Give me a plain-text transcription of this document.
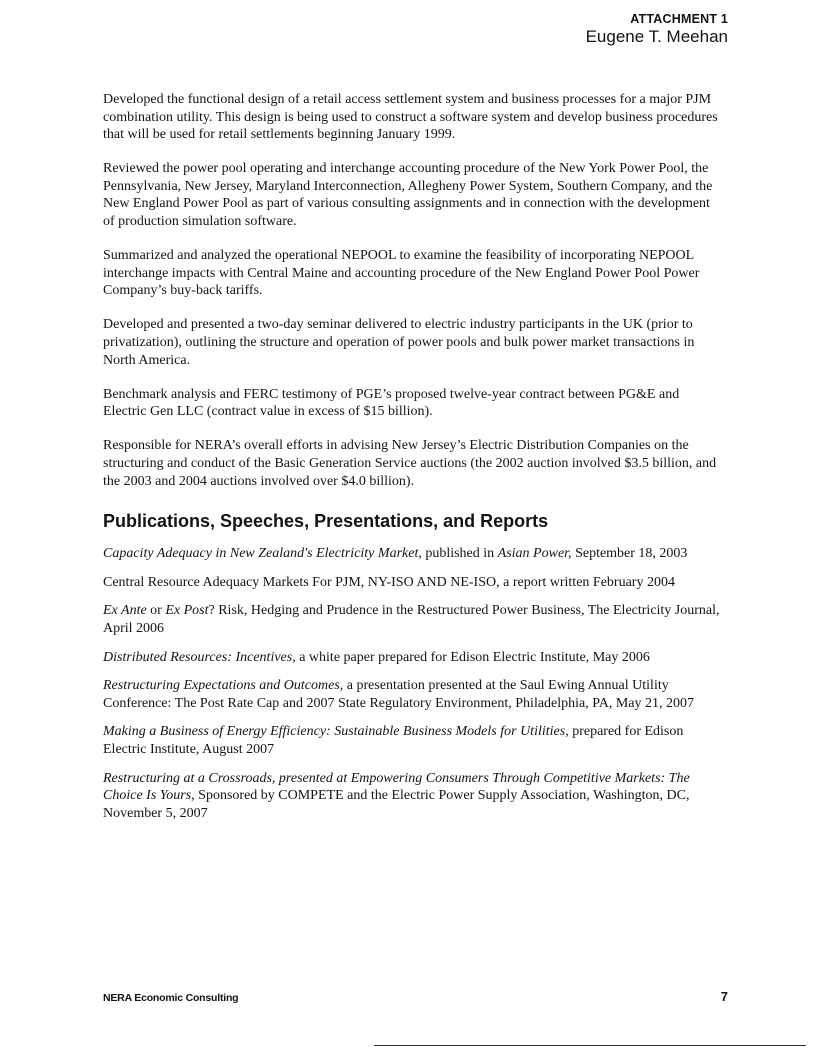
ATTACHMENT 1
Eugene T. Meehan

Developed the functional design of a retail access settlement system and business processes for a major PJM combination utility. This design is being used to construct a software system and develop business procedures that will be used for retail settlements beginning January 1999.

Reviewed the power pool operating and interchange accounting procedure of the New York Power Pool, the Pennsylvania, New Jersey, Maryland Interconnection, Allegheny Power System, Southern Company, and the New England Power Pool as part of various consulting assignments and in connection with the development of production simulation software.

Summarized and analyzed the operational NEPOOL to examine the feasibility of incorporating NEPOOL interchange impacts with Central Maine and accounting procedure of the New England Power Pool Power Company’s buy-back tariffs.

Developed and presented a two-day seminar delivered to electric industry participants in the UK (prior to privatization), outlining the structure and operation of power pools and bulk power market transactions in North America.

Benchmark analysis and FERC testimony of PGE’s proposed twelve-year contract between PG&E and Electric Gen LLC (contract value in excess of $15 billion).

Responsible for NERA’s overall efforts in advising New Jersey’s Electric Distribution Companies on the structuring and conduct of the Basic Generation Service auctions (the 2002 auction involved $3.5 billion, and the 2003 and 2004 auctions involved over $4.0 billion).

Publications, Speeches, Presentations, and Reports
Capacity Adequacy in New Zealand's Electricity Market, published in Asian Power, September 18, 2003
Central Resource Adequacy Markets For PJM, NY-ISO AND NE-ISO, a report written February 2004
Ex Ante or Ex Post? Risk, Hedging and Prudence in the Restructured Power Business, The Electricity Journal, April 2006
Distributed Resources: Incentives, a white paper prepared for Edison Electric Institute, May 2006
Restructuring Expectations and Outcomes, a presentation presented at the Saul Ewing Annual Utility Conference: The Post Rate Cap and 2007 State Regulatory Environment, Philadelphia, PA, May 21, 2007
Making a Business of Energy Efficiency: Sustainable Business Models for Utilities, prepared for Edison Electric Institute, August 2007
Restructuring at a Crossroads, presented at Empowering Consumers Through Competitive Markets: The Choice Is Yours, Sponsored by COMPETE and the Electric Power Supply Association, Washington, DC, November 5, 2007
NERA Economic Consulting	7
